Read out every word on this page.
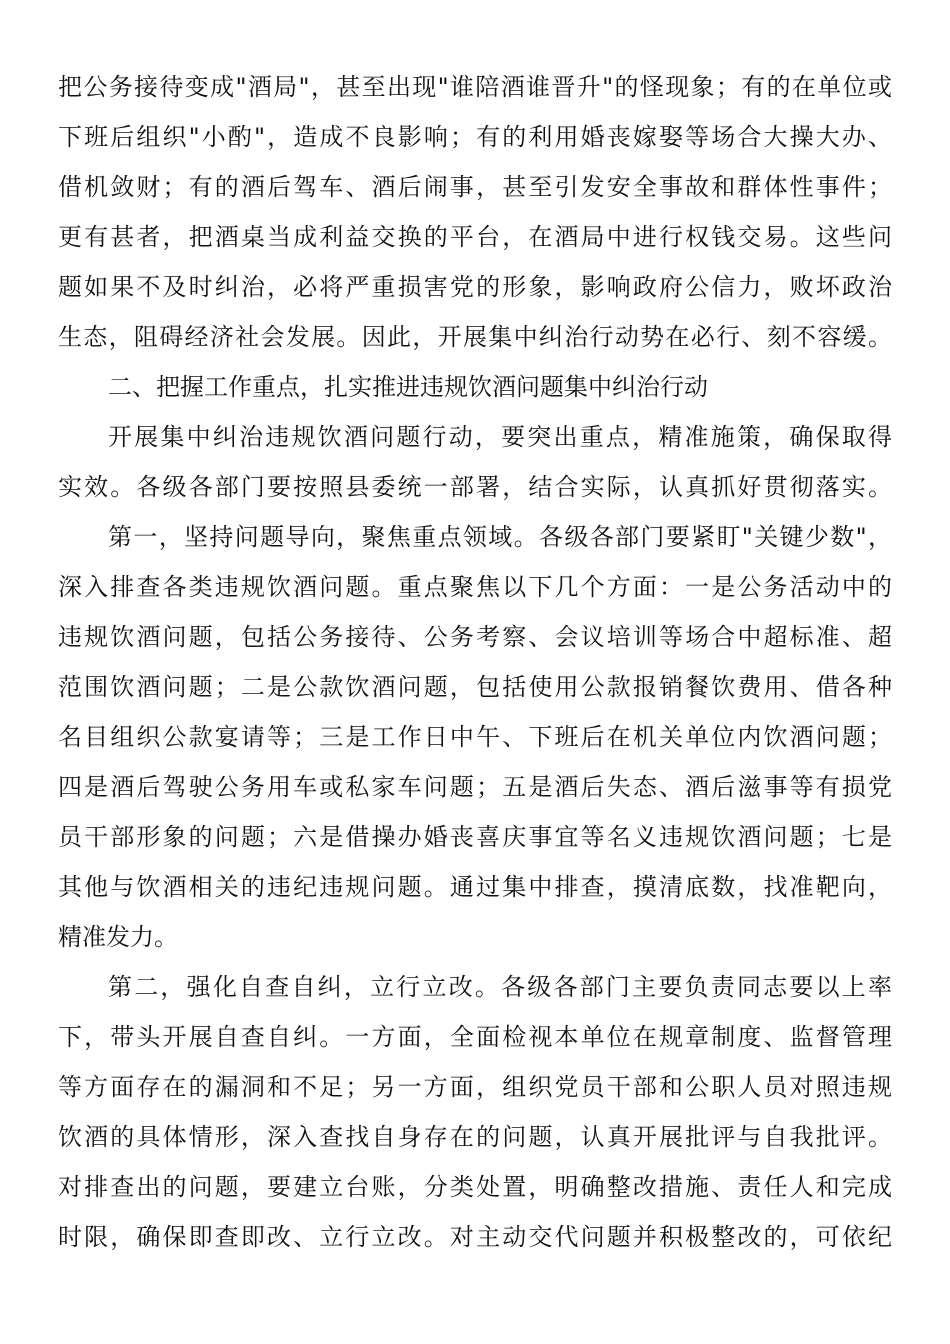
把公务接待变成"酒局"，甚至出现"谁陪酒谁晋升"的怪现象；有的在单位或
下班后组织"小酌"，造成不良影响；有的利用婚丧嫁娶等场合大操大办、
借机敛财；有的酒后驾车、酒后闹事，甚至引发安全事故和群体性事件；
更有甚者，把酒桌当成利益交换的平台，在酒局中进行权钱交易。这些问
题如果不及时纠治，必将严重损害党的形象，影响政府公信力，败坏政治
生态，阻碍经济社会发展。因此，开展集中纠治行动势在必行、刻不容缓。
二、把握工作重点，扎实推进违规饮酒问题集中纠治行动
开展集中纠治违规饮酒问题行动，要突出重点，精准施策，确保取得
实效。各级各部门要按照县委统一部署，结合实际，认真抓好贯彻落实。
第一，坚持问题导向，聚焦重点领域。各级各部门要紧盯"关键少数"，
深入排查各类违规饮酒问题。重点聚焦以下几个方面：一是公务活动中的
违规饮酒问题，包括公务接待、公务考察、会议培训等场合中超标准、超
范围饮酒问题；二是公款饮酒问题，包括使用公款报销餐饮费用、借各种
名目组织公款宴请等；三是工作日中午、下班后在机关单位内饮酒问题；
四是酒后驾驶公务用车或私家车问题；五是酒后失态、酒后滋事等有损党
员干部形象的问题；六是借操办婚丧喜庆事宜等名义违规饮酒问题；七是
其他与饮酒相关的违纪违规问题。通过集中排查，摸清底数，找准靶向，
精准发力。
第二，强化自查自纠，立行立改。各级各部门主要负责同志要以上率
下，带头开展自查自纠。一方面，全面检视本单位在规章制度、监督管理
等方面存在的漏洞和不足；另一方面，组织党员干部和公职人员对照违规
饮酒的具体情形，深入查找自身存在的问题，认真开展批评与自我批评。
对排查出的问题，要建立台账，分类处置，明确整改措施、责任人和完成
时限，确保即查即改、立行立改。对主动交代问题并积极整改的，可依纪
